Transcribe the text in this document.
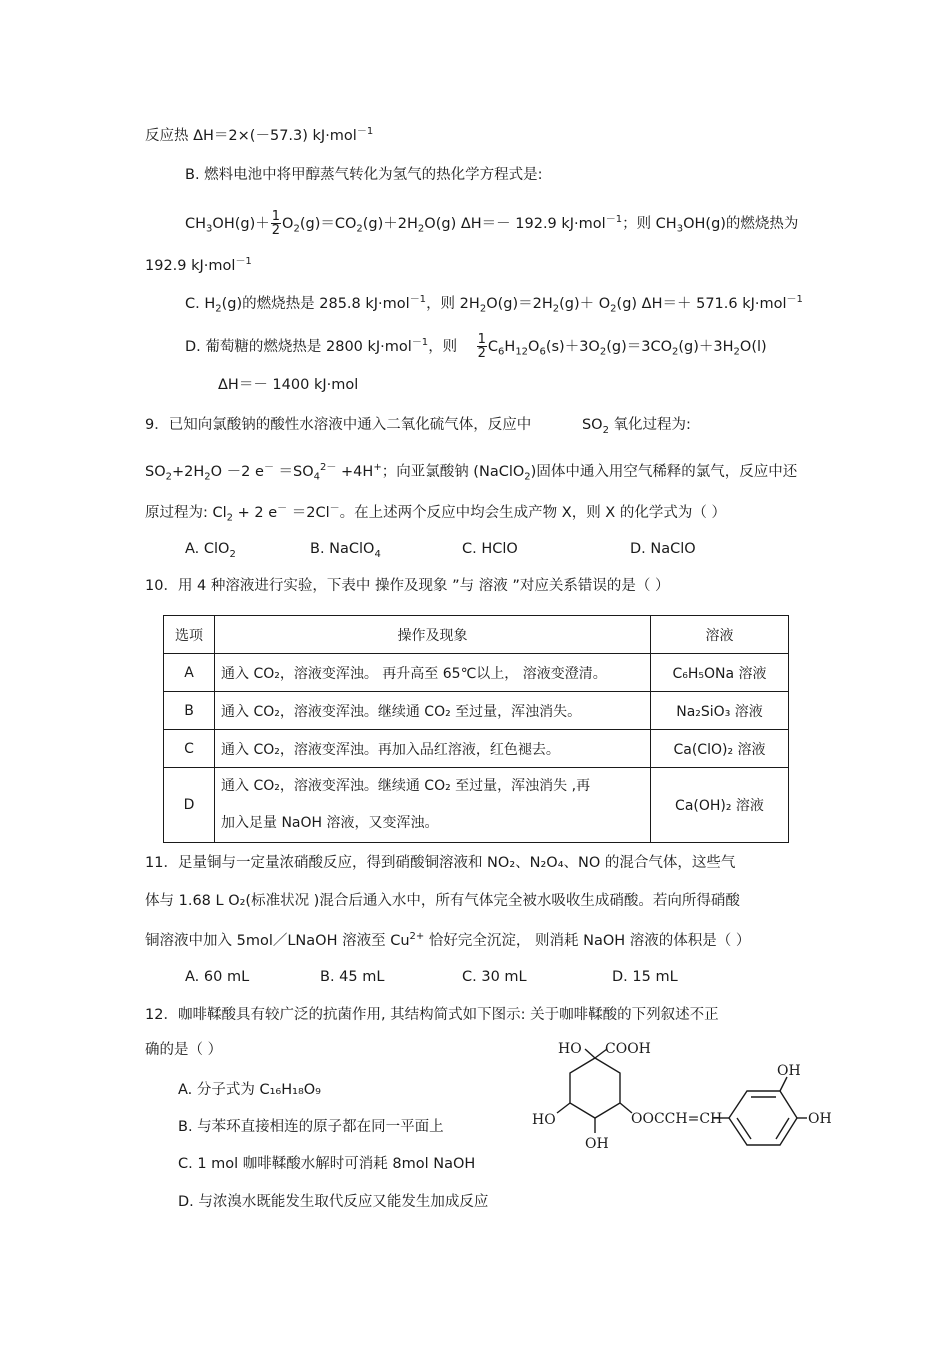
反应热 ΔH＝2×(－57.3) kJ·mol$^{-1}$
B. 燃料电池中将甲醇蒸气转化为氢气的热化学方程式是:
$CH_3OH(g)+ \frac{1}{2} O_2(g)=CO_2(g)+2H_2O(g)$ ΔH＝－ 192.9 kJ·mol$^{-1}$；则 $CH_3OH(g)$的燃烧热为
192.9 kJ·mol$^{-1}$
C. $H_2(g)$的燃烧热是 285.8 kJ·mol$^{-1}$，则 $2H_2O(g)=2H_2(g)+ O_2(g)$ ΔH＝＋ 571.6 kJ·mol$^{-1}$
D. 葡萄糖的燃烧热是 2800 kJ·mol$^{-1}$，则 $\frac{1}{2} C_6H_{12}O_6(s)+3O_2(g)=3CO_2(g)+3H_2O(l)$
ΔH＝－ 1400 kJ·mol
9．已知向氯酸钠的酸性水溶液中通入二氧化硫气体，反应中	$SO_2$ 氧化过程为:
$SO_2+2H_2O -2$ $e^- =SO_4^{2-} +4H^+$；向亚氯酸钠 (NaClO$_2$)固体中通入用空气稀释的氯气，反应中还
原过程为: $Cl_2 + 2$ e－ ＝2Cl－。在上述两个反应中均会生成产物 X，则 X 的化学式为（ ）
A. ClO$_2$	B. NaClO$_4$	C. HClO	D. NaClO
10．用 4 种溶液进行实验，下表中 操作及现象 ”与 溶液 ”对应关系错误的是（ ）
选项	操作及现象	溶液
A	通入 CO₂，溶液变浑浊。 再升高至 65℃以上， 溶液变澄清。	C₆H₅ONa 溶液
B	通入 CO₂，溶液变浑浊。继续通 CO₂ 至过量，浑浊消失。	Na₂SiO₃ 溶液
C	通入 CO₂，溶液变浑浊。再加入品红溶液，红色褪去。	Ca(ClO)₂ 溶液
D	通入 CO₂，溶液变浑浊。继续通 CO₂ 至过量，浑浊消失 ,再
加入足量 NaOH 溶液，又变浑浊。	Ca(OH)₂ 溶液
11．足量铜与一定量浓硝酸反应，得到硝酸铜溶液和 NO₂、N₂O₄、NO 的混合气体，这些气
体与 1.68 L O₂(标准状况 )混合后通入水中，所有气体完全被水吸收生成硝酸。若向所得硝酸
铜溶液中加入 5mol／LNaOH 溶液至 $Cu^{2+}$ 恰好完全沉淀， 则消耗 NaOH 溶液的体积是（ ）
A. 60 mL	B. 45 mL	C. 30 mL	D. 15 mL
12．咖啡鞣酸具有较广泛的抗菌作用, 其结构简式如下图示: 关于咖啡鞣酸的下列叙述不正
确的是（ ）
A. 分子式为 C₁₆H₁₈O₉
B. 与苯环直接相连的原子都在同一平面上
C. 1 mol 咖啡鞣酸水解时可消耗 8mol NaOH
D. 与浓溴水既能发生取代反应又能发生加成反应
HO COOH
OH
HO	OOCCH=CH	OH
OH
